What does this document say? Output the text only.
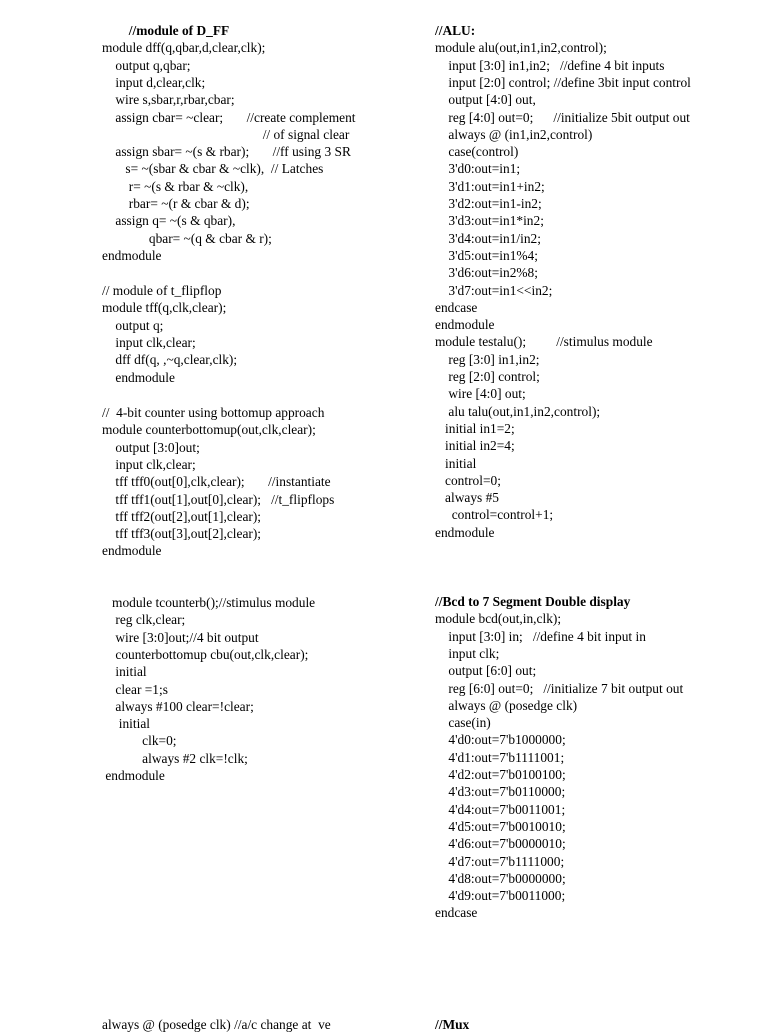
//module of D_FF
module dff(q,qbar,d,clear,clk);
output q,qbar;
input d,clear,clk;
wire s,sbar,r,rbar,cbar;
assign cbar= ~clear;       //create complement
// of signal clear
assign sbar= ~(s & rbar);       //ff using 3 SR
s= ~(sbar & cbar & ~clk),  // Latches
r= ~(s & rbar & ~clk),
rbar= ~(r & cbar & d);
assign q= ~(s & qbar),
qbar= ~(q & cbar & r);
endmodule
// module of t_flipflop
module tff(q,clk,clear);
output q;
input clk,clear;
dff df(q, ,~q,clear,clk);
endmodule
//  4-bit counter using bottomup approach
module counterbottomup(out,clk,clear);
output [3:0]out;
input clk,clear;
tff tff0(out[0],clk,clear);       //instantiate
tff tff1(out[1],out[0],clear);   //t_flipflops
tff tff2(out[2],out[1],clear);
tff tff3(out[3],out[2],clear);
endmodule
module tcounterb();//stimulus module
reg clk,clear;
wire [3:0]out;//4 bit output
counterbottomup cbu(out,clk,clear);
initial
clear =1;s
always #100 clear=!clear;
initial
clk=0;
always #2 clk=!clk;
endmodule
always @ (posedge clk) //a/c change at  ve
//ALU:
module alu(out,in1,in2,control);
input [3:0] in1,in2;   //define 4 bit inputs
input [2:0] control; //define 3bit input control
output [4:0] out,
reg [4:0] out=0;      //initialize 5bit output out
always @ (in1,in2,control)
case(control)
3'd0:out=in1;
3'd1:out=in1+in2;
3'd2:out=in1-in2;
3'd3:out=in1*in2;
3'd4:out=in1/in2;
3'd5:out=in1%4;
3'd6:out=in2%8;
3'd7:out=in1<<in2;
endcase
endmodule
module testalu();         //stimulus module
reg [3:0] in1,in2;
reg [2:0] control;
wire [4:0] out;
alu talu(out,in1,in2,control);
initial in1=2;
initial in2=4;
initial
control=0;
always #5
control=control+1;
endmodule
//Bcd to 7 Segment Double display
module bcd(out,in,clk);
input [3:0] in;   //define 4 bit input in
input clk;
output [6:0] out;
reg [6:0] out=0;   //initialize 7 bit output out
always @ (posedge clk)
case(in)
4'd0:out=7'b1000000;
4'd1:out=7'b1111001;
4'd2:out=7'b0100100;
4'd3:out=7'b0110000;
4'd4:out=7'b0011001;
4'd5:out=7'b0010010;
4'd6:out=7'b0000010;
4'd7:out=7'b1111000;
4'd8:out=7'b0000000;
4'd9:out=7'b0011000;
endcase
//Mux
